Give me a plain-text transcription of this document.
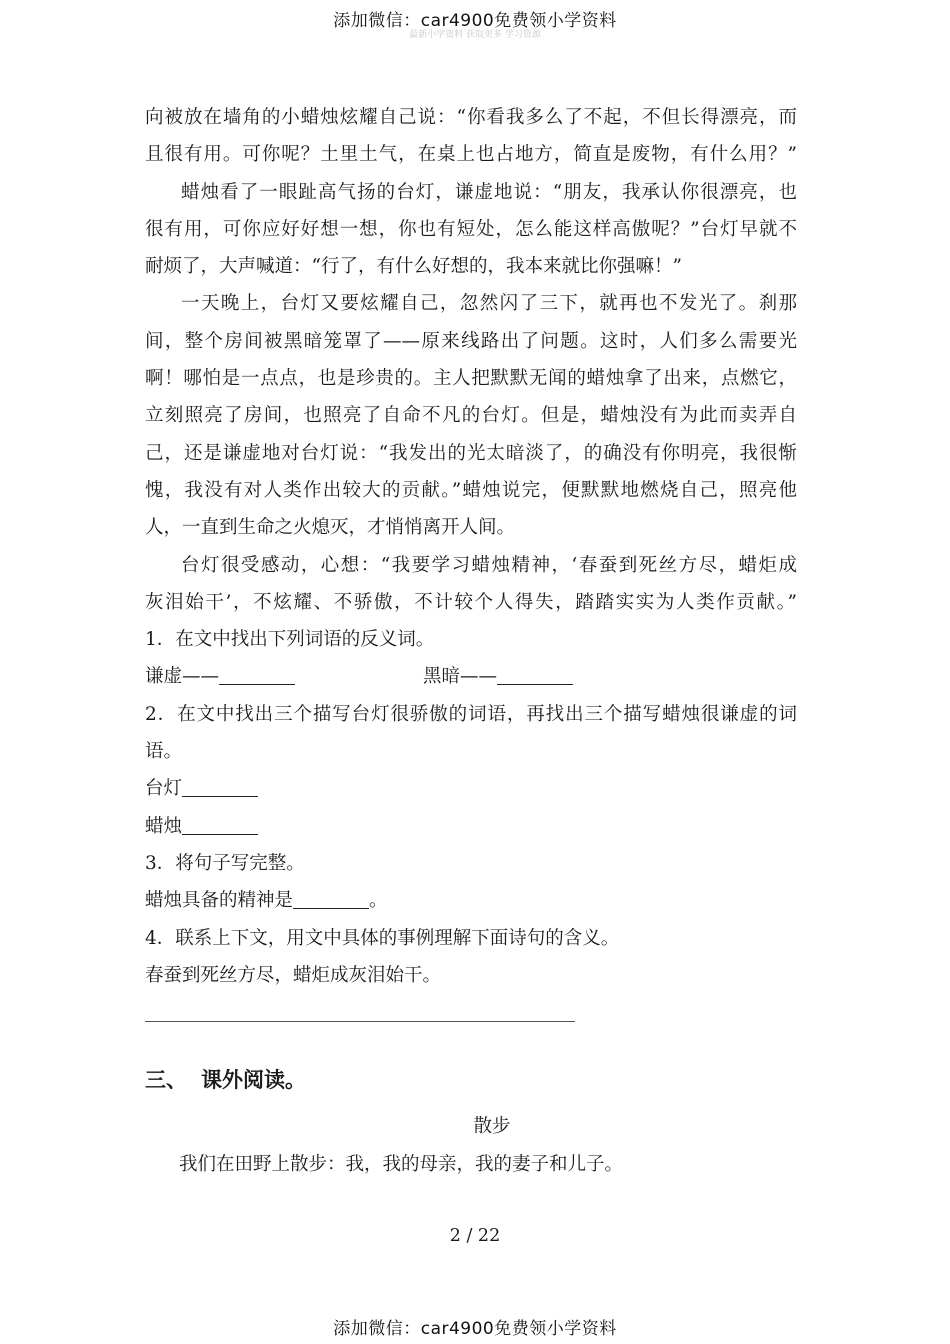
添加微信：car4900免费领小学资料
最新小学资料 获取更多 学习资源
向被放在墙角的小蜡烛炫耀自己说：“你看我多么了不起，不但长得漂亮，而
且很有用。可你呢？土里土气，在桌上也占地方，简直是废物，有什么用？”
蜡烛看了一眼趾高气扬的台灯，谦虚地说：“朋友，我承认你很漂亮，也
很有用，可你应好好想一想，你也有短处，怎么能这样高傲呢？”台灯早就不
耐烦了，大声喊道：“行了，有什么好想的，我本来就比你强嘛！”
一天晚上，台灯又要炫耀自己，忽然闪了三下，就再也不发光了。刹那
间，整个房间被黑暗笼罩了——原来线路出了问题。这时，人们多么需要光
啊！哪怕是一点点，也是珍贵的。主人把默默无闻的蜡烛拿了出来，点燃它，
立刻照亮了房间，也照亮了自命不凡的台灯。但是，蜡烛没有为此而卖弄自
己，还是谦虚地对台灯说：“我发出的光太暗淡了，的确没有你明亮，我很惭
愧，我没有对人类作出较大的贡献。”蜡烛说完，便默默地燃烧自己，照亮他
人，一直到生命之火熄灭，才悄悄离开人间。
台灯很受感动，心想：“我要学习蜡烛精神，‘春蚕到死丝方尽，蜡炬成
灰泪始干’，不炫耀、不骄傲，不计较个人得失，踏踏实实为人类作贡献。”
1．在文中找出下列词语的反义词。
谦虚——	黑暗——
2．在文中找出三个描写台灯很骄傲的词语，再找出三个描写蜡烛很谦虚的词
语。
台灯
蜡烛
3．将句子写完整。
蜡烛具备的精神是	。
4．联系上下文，用文中具体的事例理解下面诗句的含义。
春蚕到死丝方尽，蜡炬成灰泪始干。
三、 课外阅读。
散步
我们在田野上散步：我，我的母亲，我的妻子和儿子。
2 / 22
添加微信：car4900免费领小学资料
